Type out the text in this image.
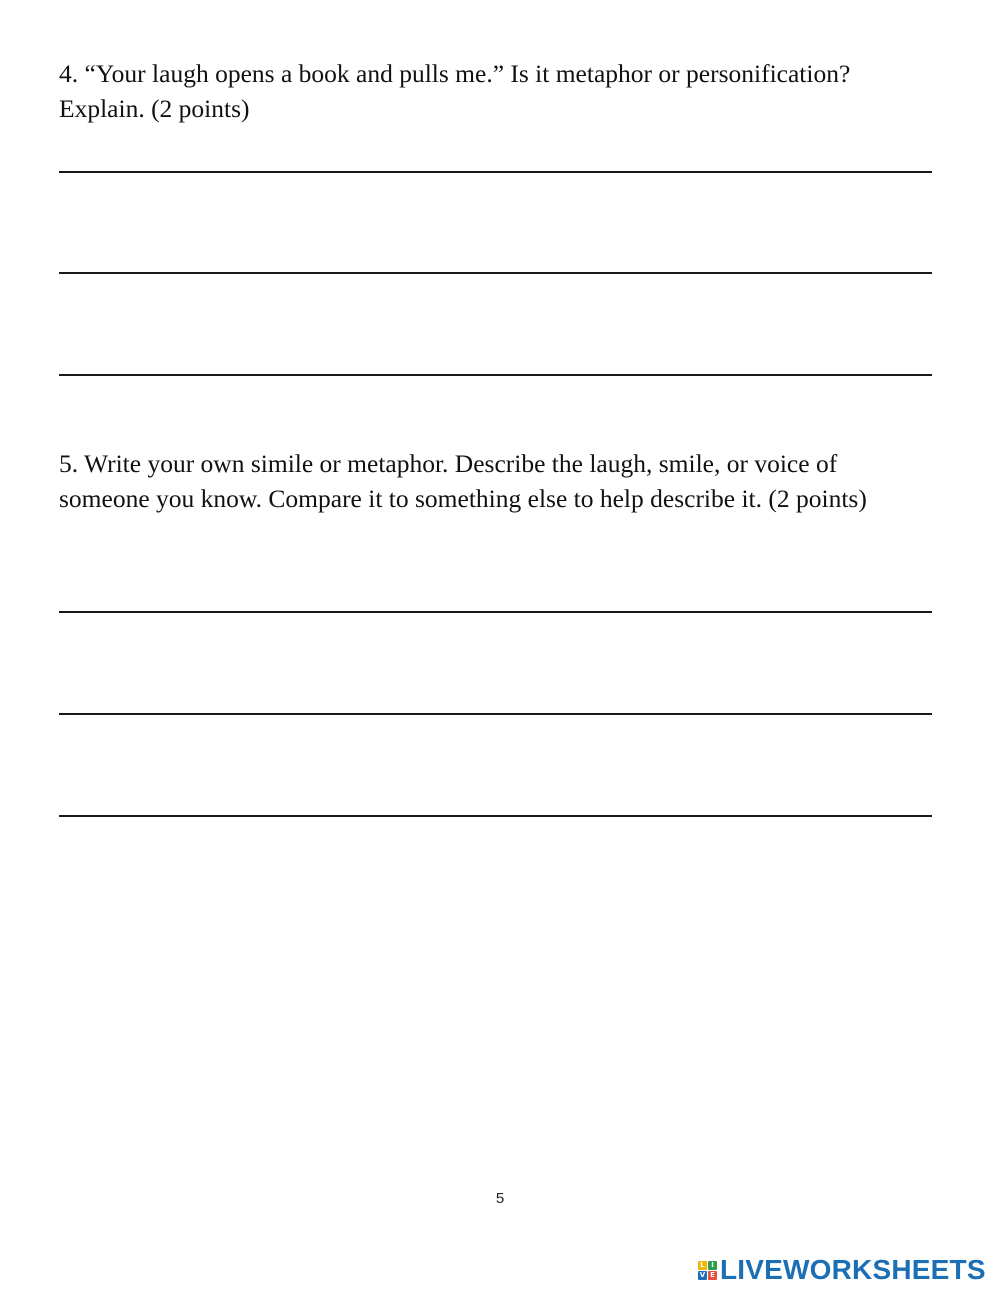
4. “Your laugh opens a book and pulls me.” Is it metaphor or personification?
Explain. (2 points)

5. Write your own simile or metaphor. Describe the laugh, smile, or voice of
someone you know. Compare it to something else to help describe it. (2 points)

5
L I
V E LIVEWORKSHEETS
